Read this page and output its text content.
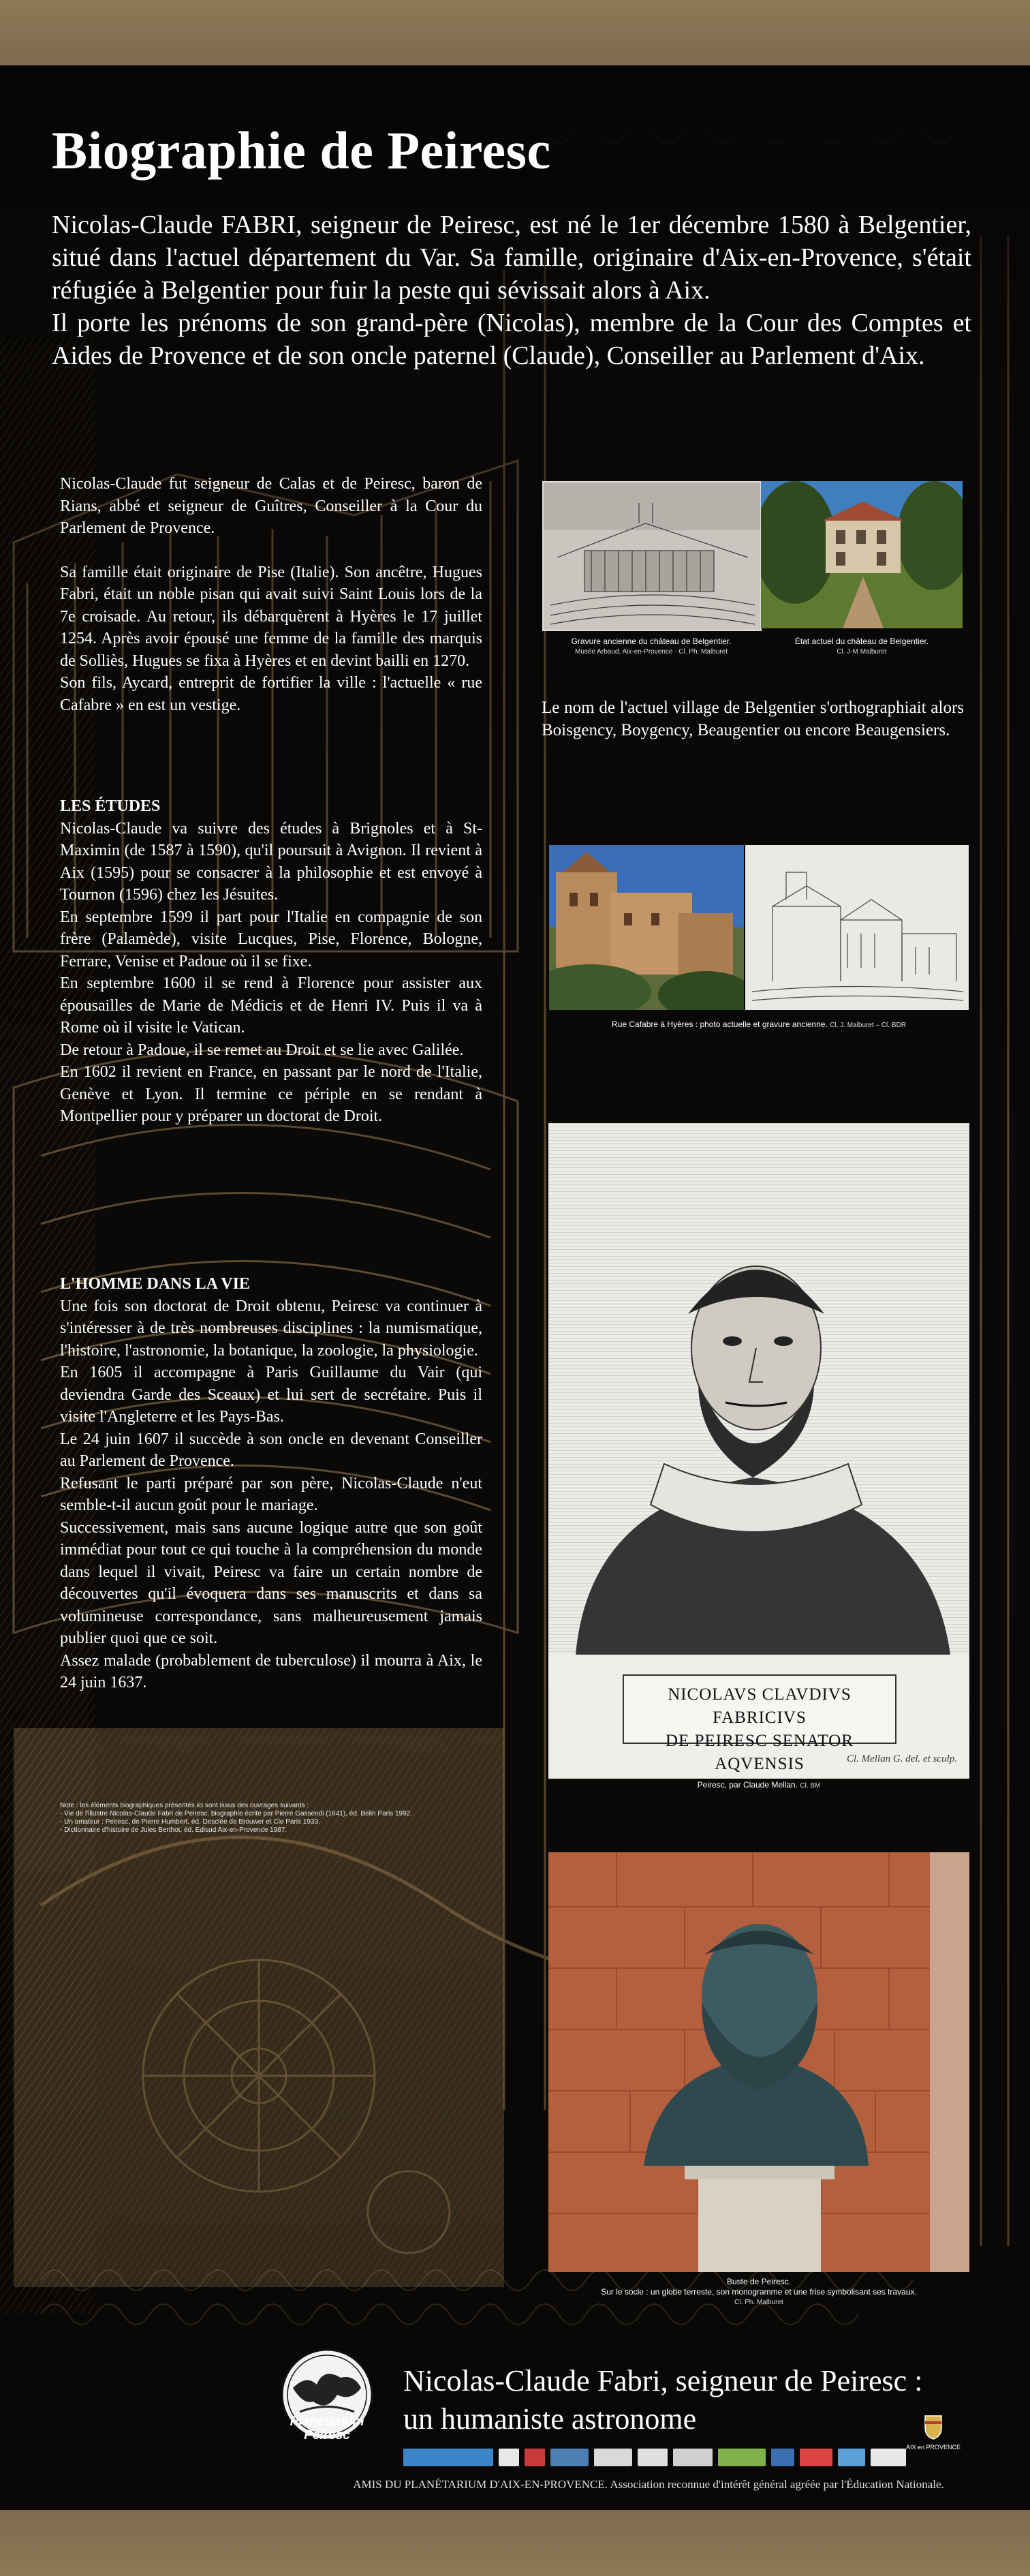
Biographie de Peiresc

Nicolas-Claude FABRI, seigneur de Peiresc, est né le 1er décembre 1580 à Belgentier, situé dans l'actuel département du Var. Sa famille, originaire d'Aix-en-Provence, s'était réfugiée à Belgentier pour fuir la peste qui sévissait alors à Aix.

Il porte les prénoms de son grand-père (Nicolas), membre de la Cour des Comptes et Aides de Provence et de son oncle paternel (Claude), Conseiller au Parlement d'Aix.

Nicolas-Claude fut seigneur de Calas et de Peiresc, baron de Rians, abbé et seigneur de Guîtres, Conseiller à la Cour du Parlement de Provence.

Sa famille était originaire de Pise (Italie). Son ancêtre, Hugues Fabri, était un noble pisan qui avait suivi Saint Louis lors de la 7e croisade. Au retour, ils débarquèrent à Hyères le 17 juillet 1254. Après avoir épousé une femme de la famille des marquis de Solliès, Hugues se fixa à Hyères et en devint bailli en 1270.

Son fils, Aycard, entreprit de fortifier la ville : l'actuelle « rue Cafabre » en est un vestige.

LES ÉTUDES

Nicolas-Claude va suivre des études à Brignoles et à St-Maximin (de 1587 à 1590), qu'il poursuit à Avignon. Il revient à Aix (1595) pour se consacrer à la philosophie et est envoyé à Tournon (1596) chez les Jésuites.

En septembre 1599 il part pour l'Italie en compagnie de son frère (Palamède), visite Lucques, Pise, Florence, Bologne, Ferrare, Venise et Padoue où il se fixe.

En septembre 1600 il se rend à Florence pour assister aux épousailles de Marie de Médicis et de Henri IV. Puis il va à Rome où il visite le Vatican.

De retour à Padoue, il se remet au Droit et se lie avec Galilée.

En 1602 il revient en France, en passant par le nord de l'Italie, Genève et Lyon. Il termine ce périple en se rendant à Montpellier pour y préparer un doctorat de Droit.

L'HOMME DANS LA VIE

Une fois son doctorat de Droit obtenu, Peiresc va continuer à s'intéresser à de très nombreuses disciplines : la numismatique, l'histoire, l'astronomie, la botanique, la zoologie, la physiologie.

En 1605 il accompagne à Paris Guillaume du Vair (qui deviendra Garde des Sceaux) et lui sert de secrétaire. Puis il visite l'Angleterre et les Pays-Bas.

Le 24 juin 1607 il succède à son oncle en devenant Conseiller au Parlement de Provence.

Refusant le parti préparé par son père, Nicolas-Claude n'eut semble-t-il aucun goût pour le mariage.

Successivement, mais sans aucune logique autre que son goût immédiat pour tout ce qui touche à la compréhension du monde dans lequel il vivait, Peiresc va faire un certain nombre de découvertes qu'il évoquera dans ses manuscrits et dans sa volumineuse correspondance, sans malheureusement jamais publier quoi que ce soit.

Assez malade (probablement de tuberculose) il mourra à Aix, le 24 juin 1637.

Note : les éléments biographiques présentés ici sont issus des ouvrages suivants :

- Vie de l'illustre Nicolas-Claude Fabri de Peiresc, biographie écrite par Pierre Gassendi (1641), éd. Belin Paris 1992.

- Un amateur : Peiresc, de Pierre Humbert, éd. Desclée de Brouwer et Cie Paris 1933.

- Dictionnaire d'histoire de Jules Berthot, éd. Edisud Aix-en-Provence 1987.

Gravure ancienne du château de Belgentier.
Musée Arbaud, Aix-en-Provence · Cl. Ph. Malburet
État actuel du château de Belgentier.
Cl. J-M Malburet

Le nom de l'actuel village de Belgentier s'orthographiait alors Boisgency, Boygency, Beaugentier ou encore Beaugensiers.

Rue Cafabre à Hyères : photo actuelle et gravure ancienne. Cl. J. Malburet – Cl. BDR
NICOLAVS CLAVDIVS FABRICIVS
DE PEIRESC SENATOR AQVENSIS	Cl. Mellan G. del. et sculp.
Peiresc, par Claude Mellan. Cl. BM
Buste de Peiresc.
Sur le socle : un globe terreste, son monogramme et une frise symbolisant ses travaux.
Cl. Ph. Malburet
Planétarium
Peiresc
Nicolas-Claude Fabri, seigneur de Peiresc :
un humaniste astronome
AIX en PROVENCE
AMIS DU PLANÉTARIUM D'AIX-EN-PROVENCE. Association reconnue d'intérêt général agréée par l'Éducation Nationale.
